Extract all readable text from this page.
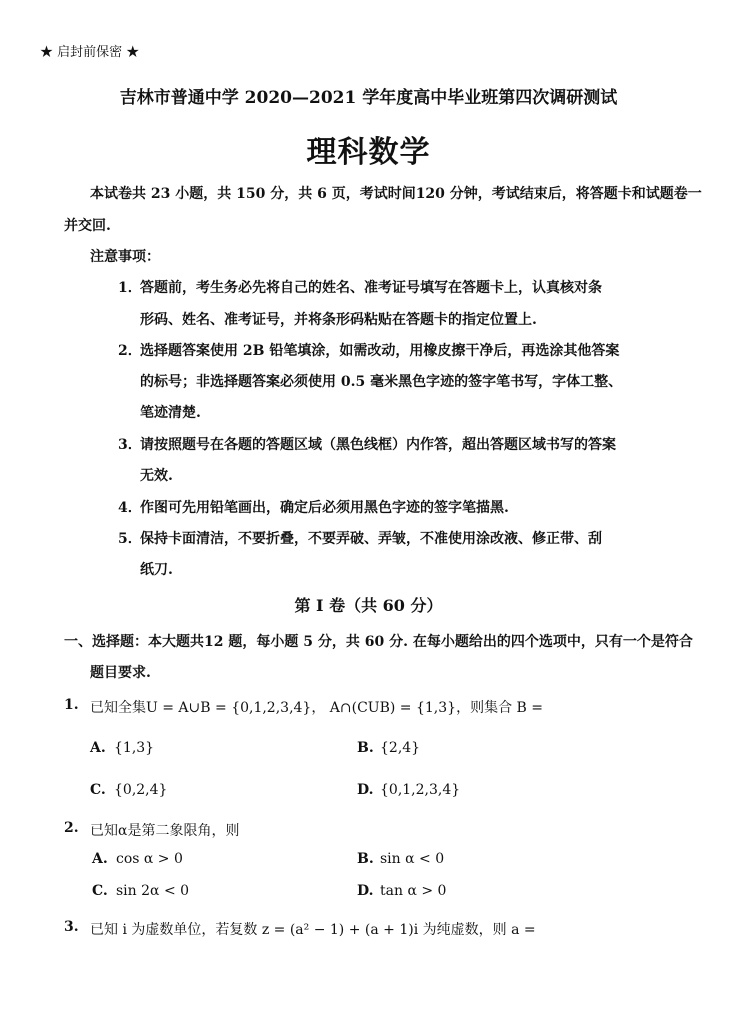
★ 启封前保密 ★
吉林市普通中学 2020—2021 学年度高中毕业班第四次调研测试
理科数学
本试卷共 23 小题，共 150 分，共 6 页，考试时间120 分钟，考试结束后，将答题卡和试题卷一
并交回.
注意事项：
1．
答题前，考生务必先将自己的姓名、准考证号填写在答题卡上，认真核对条
形码、姓名、准考证号，并将条形码粘贴在答题卡的指定位置上.
2．
选择题答案使用 2B 铅笔填涂，如需改动，用橡皮擦干净后，再选涂其他答案
的标号；非选择题答案必须使用 0.5 毫米黑色字迹的签字笔书写，字体工整、
笔迹清楚.
3．
请按照题号在各题的答题区域（黑色线框）内作答，超出答题区域书写的答案
无效.
4．
作图可先用铅笔画出，确定后必须用黑色字迹的签字笔描黑.
5．
保持卡面清洁，不要折叠，不要弄破、弄皱，不准使用涂改液、修正带、刮
纸刀.
第 I 卷（共 60 分）
一、选择题：本大题共12 题，每小题 5 分，共 60 分. 在每小题给出的四个选项中，只有一个是符合
题目要求.
1. 已知全集U = A∪B = {0,1,2,3,4}， A∩(CUB) = {1,3}，则集合 B =
A. {1,3}	B. {2,4}
C. {0,2,4}	D. {0,1,2,3,4}
2. 已知α是第二象限角，则
A. cos α > 0	B. sin α < 0
C. sin 2α < 0	D. tan α > 0
3. 已知 i 为虚数单位，若复数 z = (a² − 1) + (a + 1)i 为纯虚数，则 a =
